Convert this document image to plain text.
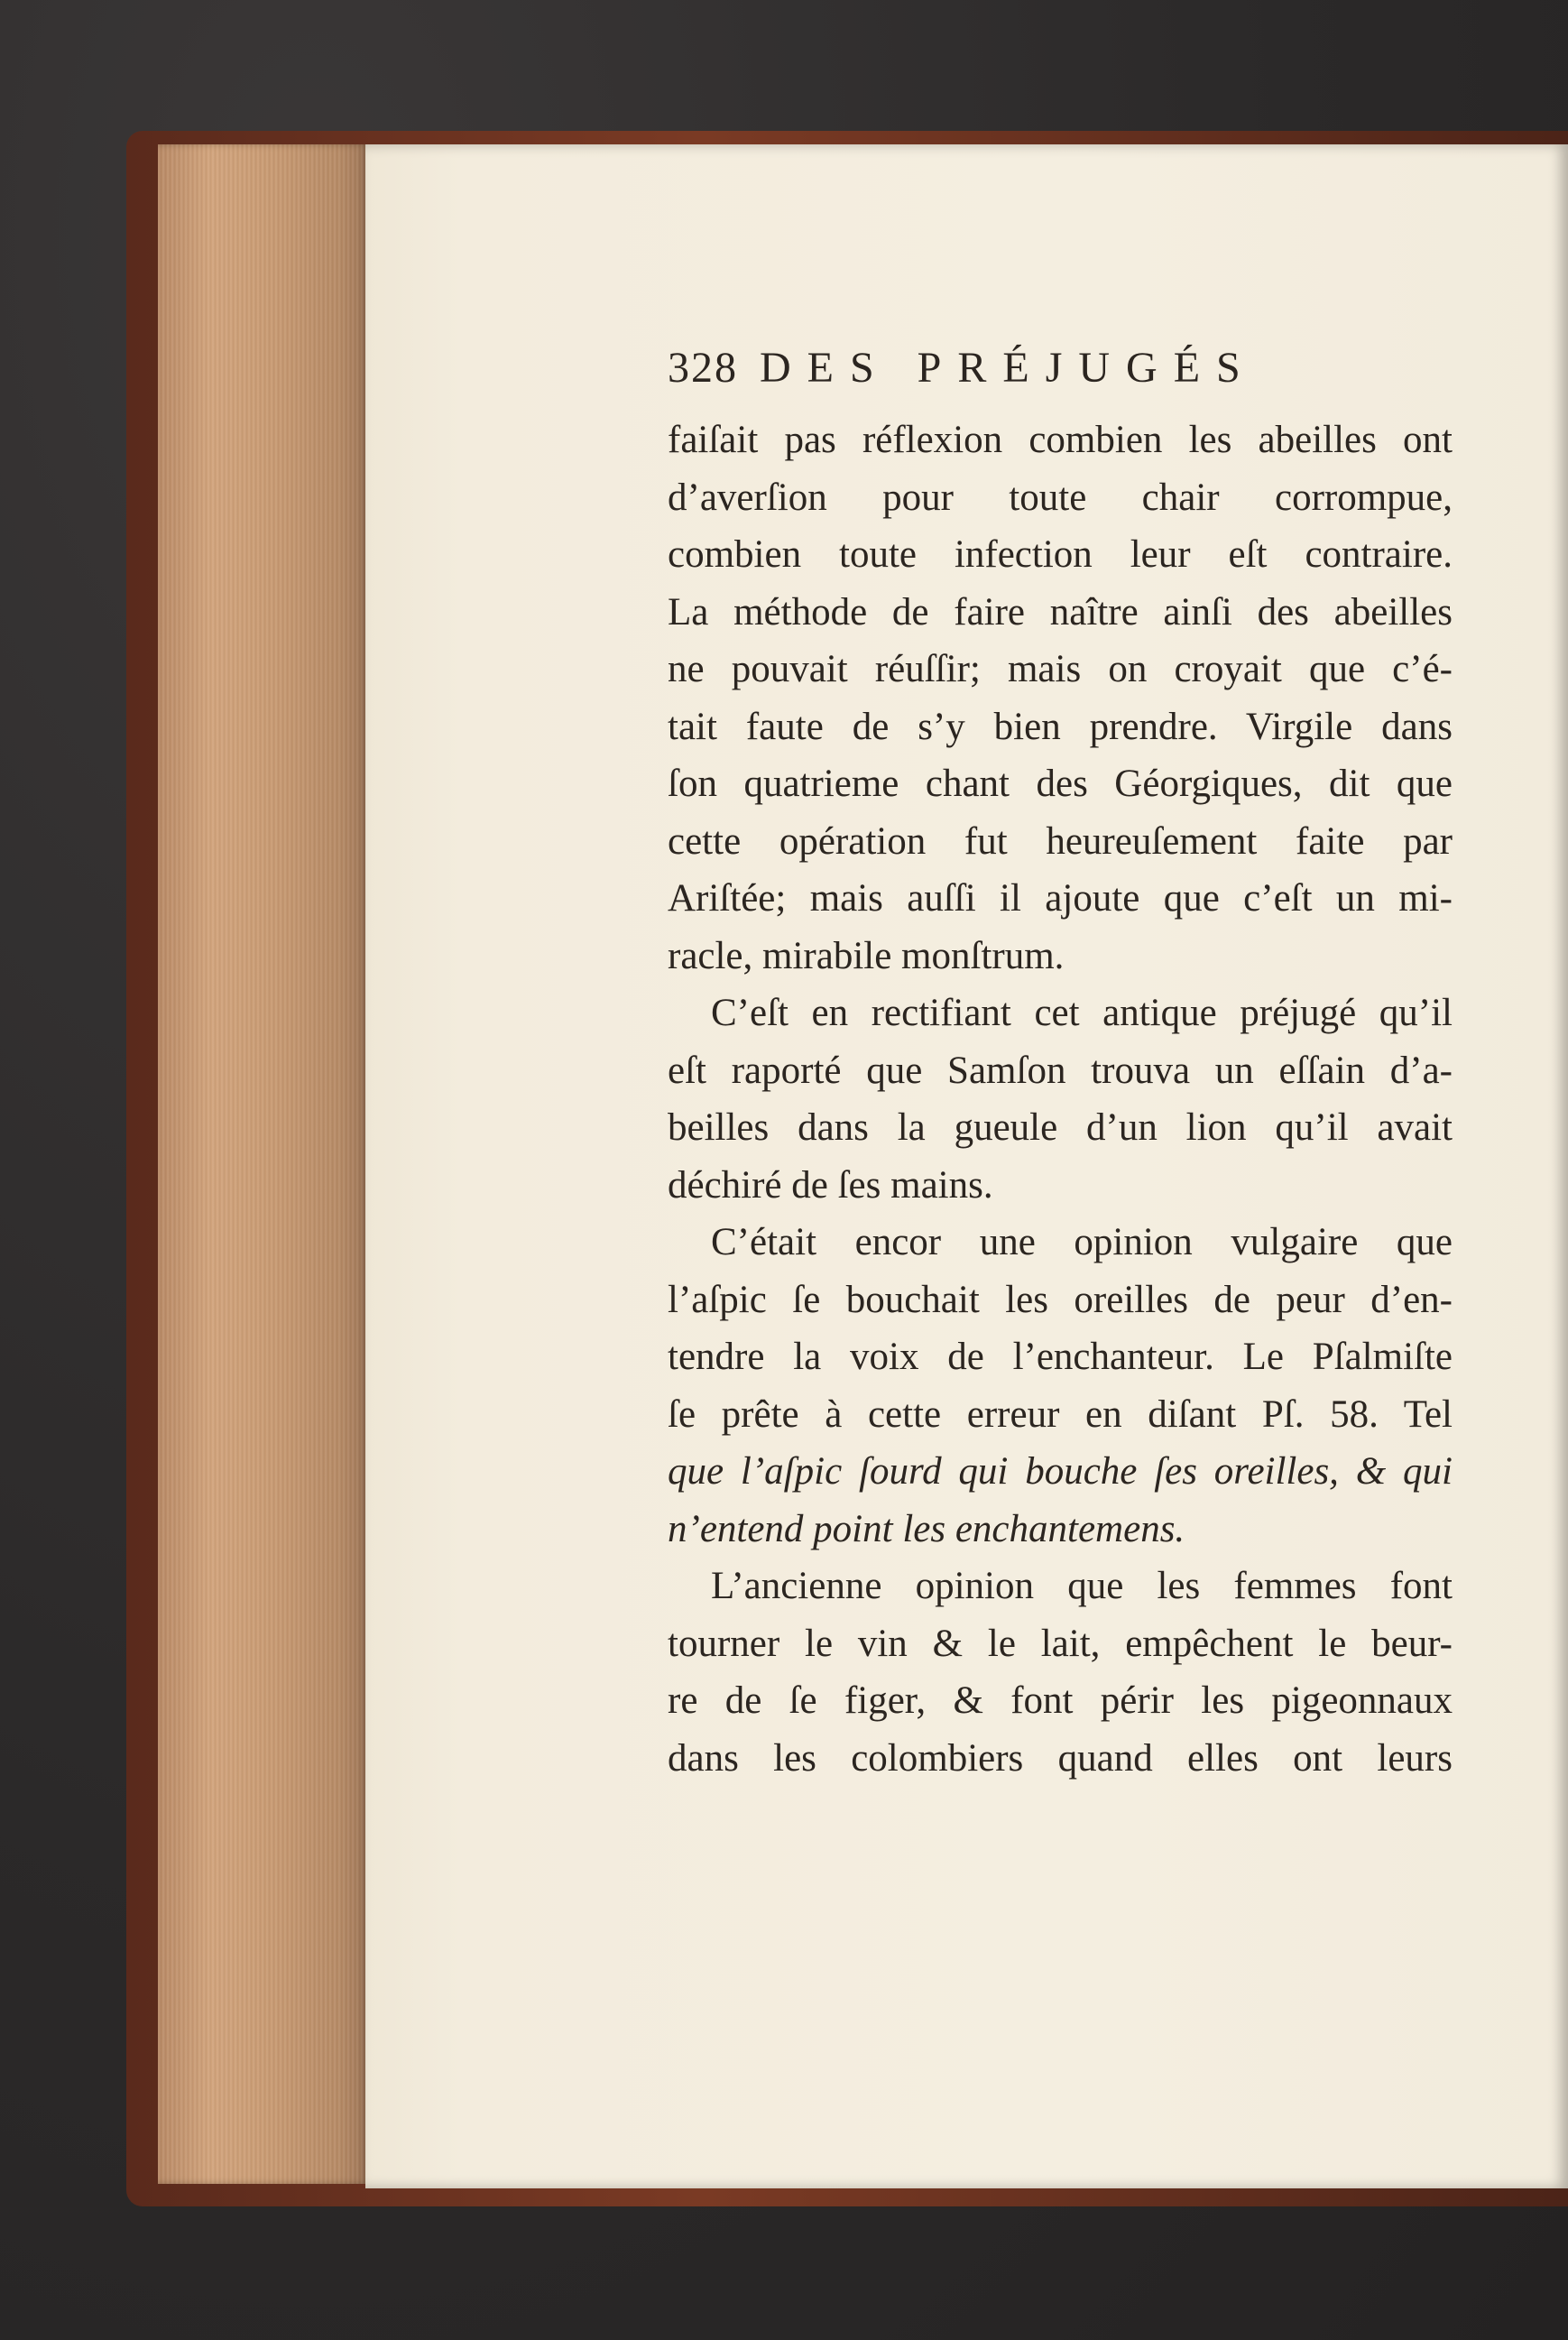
328 DES PRÉJUGÉS
faiſait pas réflexion combien les abeilles ont
d’averſion pour toute chair corrompue,
combien toute infection leur eſt contraire.
La méthode de faire naître ainſi des abeilles
ne pouvait réuſſir; mais on croyait que c’é-
tait faute de s’y bien prendre. Virgile dans
ſon quatrieme chant des Géorgiques, dit que
cette opération fut heureuſement faite par
Ariſtée; mais auſſi il ajoute que c’eſt un mi-
racle, mirabile monſtrum.
C’eſt en rectifiant cet antique préjugé qu’il
eſt raporté que Samſon trouva un eſſain d’a-
beilles dans la gueule d’un lion qu’il avait
déchiré de ſes mains.
C’était encor une opinion vulgaire que
l’aſpic ſe bouchait les oreilles de peur d’en-
tendre la voix de l’enchanteur. Le Pſalmiſte
ſe prête à cette erreur en diſant Pſ. 58. Tel
que l’aſpic ſourd qui bouche ſes oreilles, & qui
n’entend point les enchantemens.
L’ancienne opinion que les femmes font
tourner le vin & le lait, empêchent le beur-
re de ſe figer, & font périr les pigeonnaux
dans les colombiers quand elles ont leurs
